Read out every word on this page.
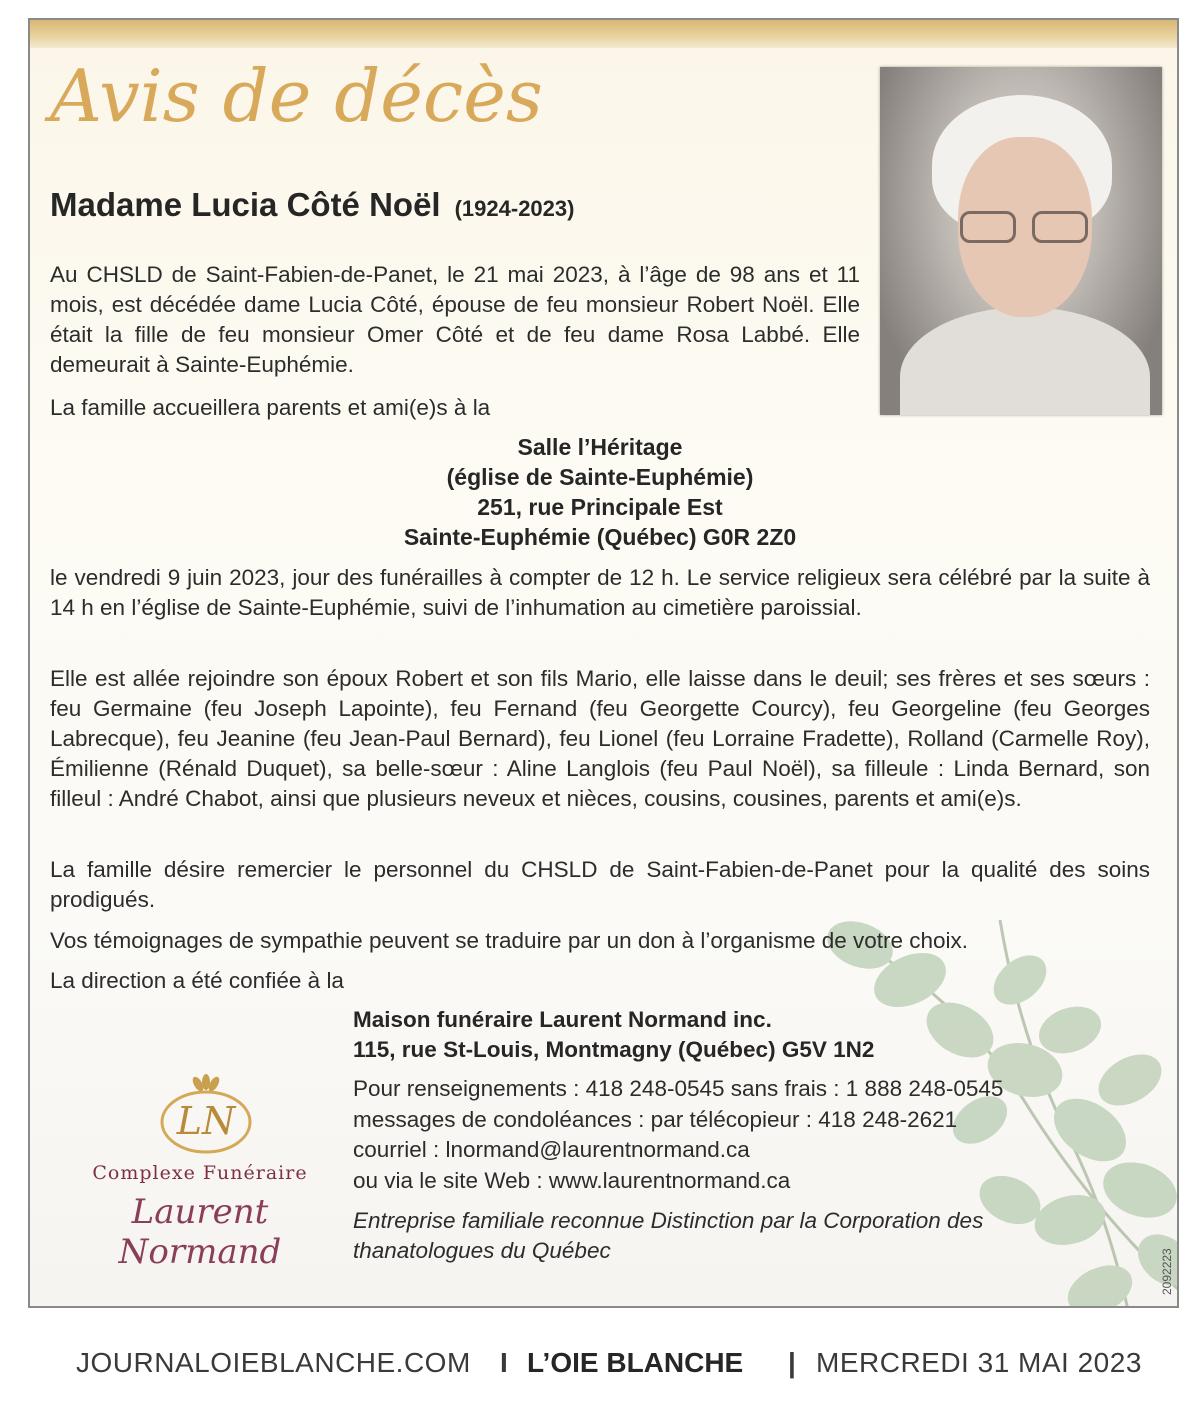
Avis de décès
Madame Lucia Côté Noël (1924-2023)

Au CHSLD de Saint-Fabien-de-Panet, le 21 mai 2023, à l’âge de 98 ans et 11 mois, est décédée dame Lucia Côté, épouse de feu monsieur Robert Noël. Elle était la fille de feu monsieur Omer Côté et de feu dame Rosa Labbé. Elle demeurait à Sainte-Euphémie.

La famille accueillera parents et ami(e)s à la

Salle l’Héritage
(église de Sainte-Euphémie)
251, rue Principale Est
Sainte-Euphémie (Québec) G0R 2Z0

le vendredi 9 juin 2023, jour des funérailles à compter de 12 h. Le service religieux sera célébré par la suite à 14 h en l’église de Sainte-Euphémie, suivi de l’inhumation au cimetière paroissial.

Elle est allée rejoindre son époux Robert et son fils Mario, elle laisse dans le deuil; ses frères et ses sœurs : feu Germaine (feu Joseph Lapointe), feu Fernand (feu Georgette Courcy), feu Georgeline (feu Georges Labrecque), feu Jeanine (feu Jean-Paul Bernard), feu Lionel (feu Lorraine Fradette), Rolland (Carmelle Roy), Émilienne (Rénald Duquet), sa belle-sœur : Aline Langlois (feu Paul Noël), sa filleule : Linda Bernard, son filleul : André Chabot, ainsi que plusieurs neveux et nièces, cousins, cousines, parents et ami(e)s.

La famille désire remercier le personnel du CHSLD de Saint-Fabien-de-Panet pour la qualité des soins prodigués.

Vos témoignages de sympathie peuvent se traduire par un don à l’organisme de votre choix.

La direction a été confiée à la

Maison funéraire Laurent Normand inc.
115, rue St-Louis, Montmagny (Québec) G5V 1N2
Pour renseignements : 418 248-0545 sans frais : 1 888 248-0545
messages de condoléances : par télécopieur : 418 248-2621
courriel : lnormand@laurentnormand.ca
ou via le site Web : www.laurentnormand.ca
Entreprise familiale reconnue Distinction par la Corporation des
thanatologues du Québec
LN
Complexe Funéraire
Laurent Normand	2092223
JOURNALOIEBLANCHE.COM I L’OIE BLANCHE | MERCREDI 31 MAI 2023
